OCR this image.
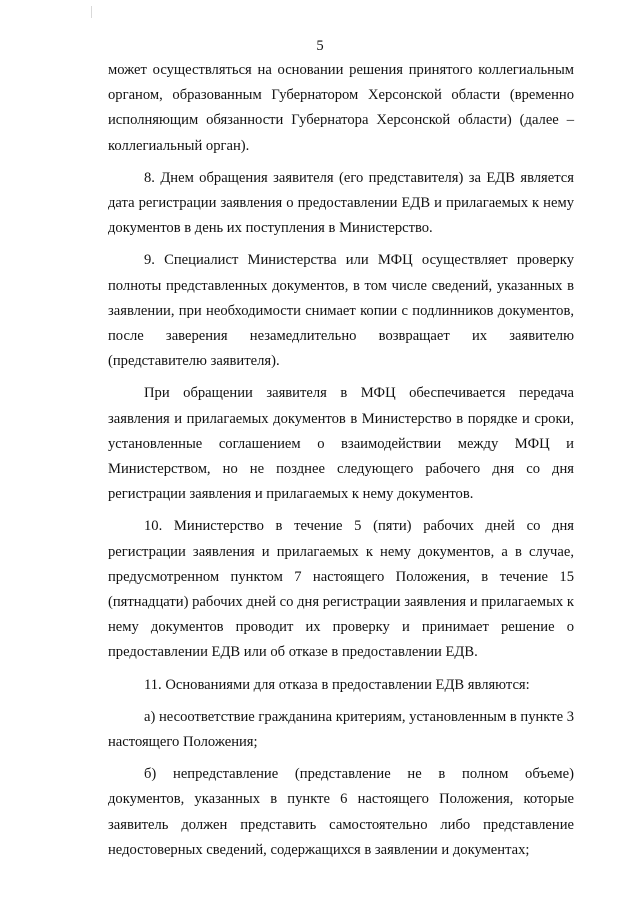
5

может осуществляться на основании решения принятого коллегиальным органом, образованным Губернатором Херсонской области (временно исполняющим обязанности Губернатора Херсонской области) (далее – коллегиальный орган).

8. Днем обращения заявителя (его представителя) за ЕДВ является дата регистрации заявления о предоставлении ЕДВ и прилагаемых к нему документов в день их поступления в Министерство.

9. Специалист Министерства или МФЦ осуществляет проверку полноты представленных документов, в том числе сведений, указанных в заявлении, при необходимости снимает копии с подлинников документов, после заверения незамедлительно возвращает их заявителю (представителю заявителя).

При обращении заявителя в МФЦ обеспечивается передача заявления и прилагаемых документов в Министерство в порядке и сроки, установленные соглашением о взаимодействии между МФЦ и Министерством, но не позднее следующего рабочего дня со дня регистрации заявления и прилагаемых к нему документов.

10. Министерство в течение 5 (пяти) рабочих дней со дня регистрации заявления и прилагаемых к нему документов, а в случае, предусмотренном пунктом 7 настоящего Положения, в течение 15 (пятнадцати) рабочих дней со дня регистрации заявления и прилагаемых к нему документов проводит их проверку и принимает решение о предоставлении ЕДВ или об отказе в предоставлении ЕДВ.

11. Основаниями для отказа в предоставлении ЕДВ являются:

а) несоответствие гражданина критериям, установленным в пункте 3 настоящего Положения;

б) непредставление (представление не в полном объеме) документов, указанных в пункте 6 настоящего Положения, которые заявитель должен представить самостоятельно либо представление недостоверных сведений, содержащихся в заявлении и документах;
